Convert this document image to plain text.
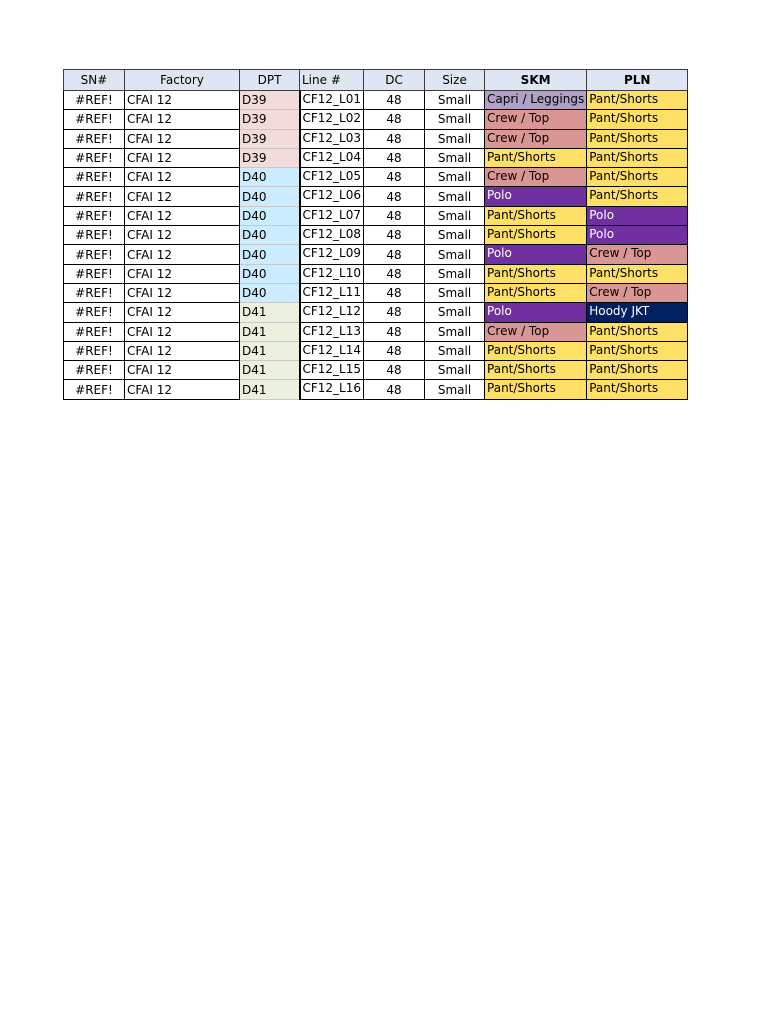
SN#	Factory	DPT	Line #	DC	Size	SKM	PLN
#REF!	CFAI 12	D39	CF12_L01	48	Small	Capri / Leggings	Pant/Shorts
#REF!	CFAI 12	D39	CF12_L02	48	Small	Crew / Top	Pant/Shorts
#REF!	CFAI 12	D39	CF12_L03	48	Small	Crew / Top	Pant/Shorts
#REF!	CFAI 12	D39	CF12_L04	48	Small	Pant/Shorts	Pant/Shorts
#REF!	CFAI 12	D40	CF12_L05	48	Small	Crew / Top	Pant/Shorts
#REF!	CFAI 12	D40	CF12_L06	48	Small	Polo	Pant/Shorts
#REF!	CFAI 12	D40	CF12_L07	48	Small	Pant/Shorts	Polo
#REF!	CFAI 12	D40	CF12_L08	48	Small	Pant/Shorts	Polo
#REF!	CFAI 12	D40	CF12_L09	48	Small	Polo	Crew / Top
#REF!	CFAI 12	D40	CF12_L10	48	Small	Pant/Shorts	Pant/Shorts
#REF!	CFAI 12	D40	CF12_L11	48	Small	Pant/Shorts	Crew / Top
#REF!	CFAI 12	D41	CF12_L12	48	Small	Polo	Hoody JKT
#REF!	CFAI 12	D41	CF12_L13	48	Small	Crew / Top	Pant/Shorts
#REF!	CFAI 12	D41	CF12_L14	48	Small	Pant/Shorts	Pant/Shorts
#REF!	CFAI 12	D41	CF12_L15	48	Small	Pant/Shorts	Pant/Shorts
#REF!	CFAI 12	D41	CF12_L16	48	Small	Pant/Shorts	Pant/Shorts
